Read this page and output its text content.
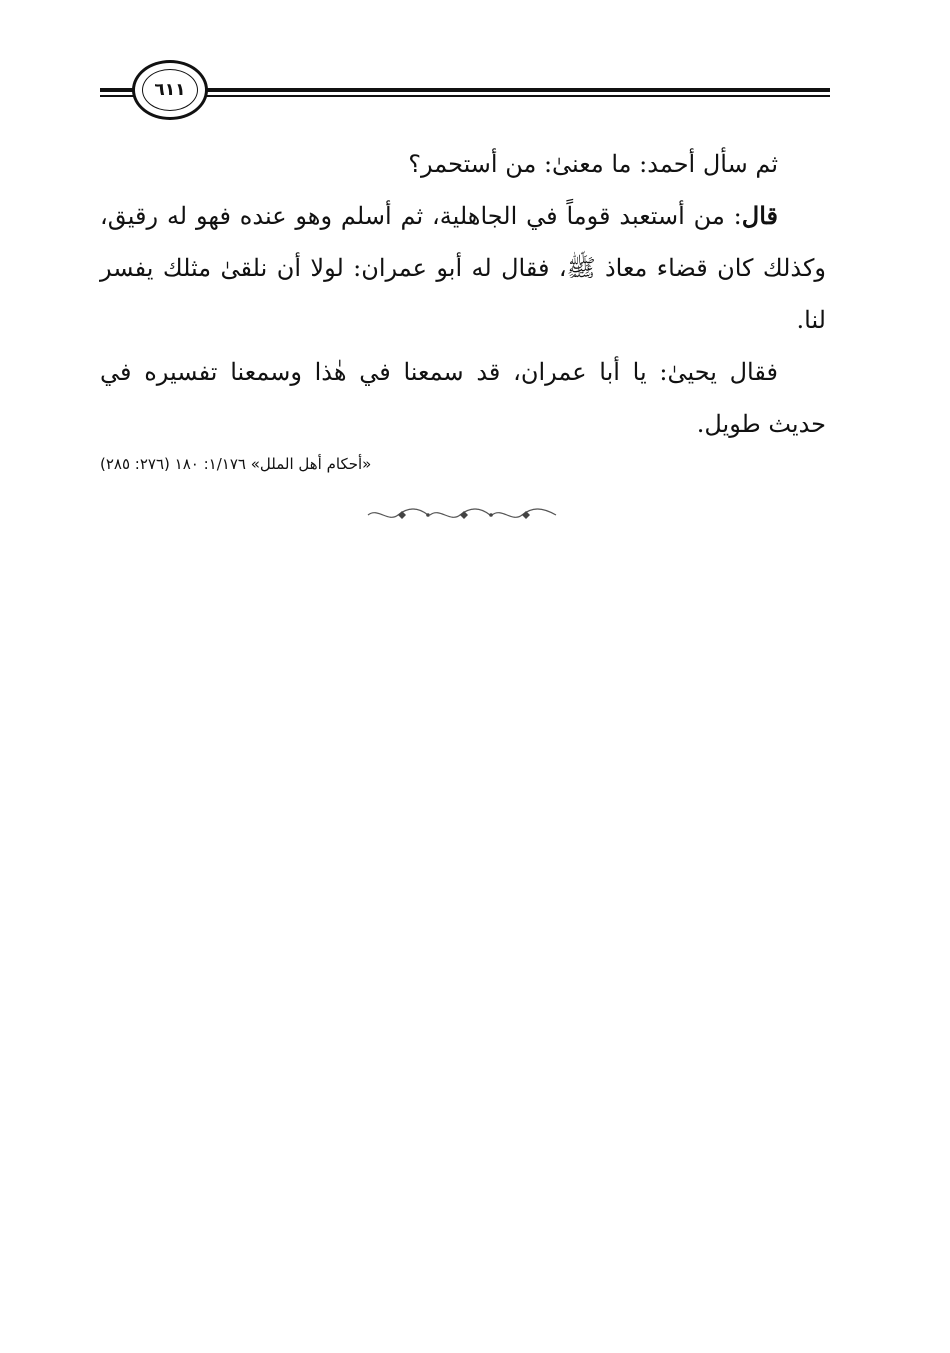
٦١١

ثم سأل أحمد: ما معنىٰ: من أستحمر؟

قال: من أستعبد قوماً في الجاهلية، ثم أسلم وهو عنده فهو له رقيق، وكذلك كان قضاء معاذ ﷺ، فقال له أبو عمران: لولا أن نلقىٰ مثلك يفسر لنا.

فقال يحيىٰ: يا أبا عمران، قد سمعنا في هٰذا وسمعنا تفسيره في حديث طويل.

«أحكام أهل الملل» ١/١٧٦: ١٨٠ (٢٧٦: ٢٨٥)
